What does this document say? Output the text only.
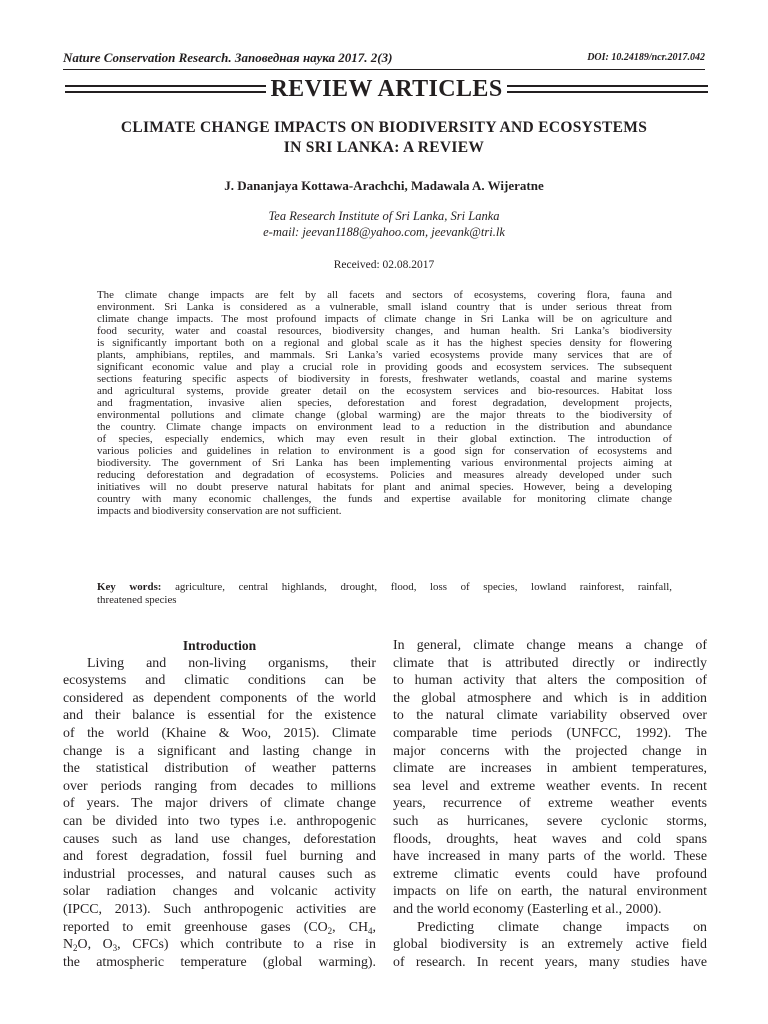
Nature Conservation Research. Заповедная наука 2017. 2(3)	DOI: 10.24189/ncr.2017.042
REVIEW ARTICLES
CLIMATE CHANGE IMPACTS ON BIODIVERSITY AND ECOSYSTEMS
IN SRI LANKA: A REVIEW
J. Dananjaya Kottawa-Arachchi, Madawala A. Wijeratne
Tea Research Institute of Sri Lanka, Sri Lanka
e-mail: jeevan1188@yahoo.com, jeevank@tri.lk
Received: 02.08.2017
The climate change impacts are felt by all facets and sectors of ecosystems, covering flora, fauna and
environment. Sri Lanka is considered as a vulnerable, small island country that is under serious threat from
climate change impacts. The most profound impacts of climate change in Sri Lanka will be on agriculture and
food security, water and coastal resources, biodiversity changes, and human health. Sri Lanka’s biodiversity
is significantly important both on a regional and global scale as it has the highest species density for flowering
plants, amphibians, reptiles, and mammals. Sri Lanka’s varied ecosystems provide many services that are of
significant economic value and play a crucial role in providing goods and ecosystem services. The subsequent
sections featuring specific aspects of biodiversity in forests, freshwater wetlands, coastal and marine systems
and agricultural systems, provide greater detail on the ecosystem services and bio-resources. Habitat loss
and fragmentation, invasive alien species, deforestation and forest degradation, development projects,
environmental pollutions and climate change (global warming) are the major threats to the biodiversity of
the country. Climate change impacts on environment lead to a reduction in the distribution and abundance
of species, especially endemics, which may even result in their global extinction. The introduction of
various policies and guidelines in relation to environment is a good sign for conservation of ecosystems and
biodiversity. The government of Sri Lanka has been implementing various environmental projects aiming at
reducing deforestation and degradation of ecosystems. Policies and measures already developed under such
initiatives will no doubt preserve natural habitats for plant and animal species. However, being a developing
country with many economic challenges, the funds and expertise available for monitoring climate change
impacts and biodiversity conservation are not sufficient.
Key words: agriculture, central highlands, drought, flood, loss of species, lowland rainforest, rainfall,
threatened species
Introduction
Living and non-living organisms, their
ecosystems and climatic conditions can be
considered as dependent components of the world
and their balance is essential for the existence
of the world (Khaine & Woo, 2015). Climate
change is a significant and lasting change in
the statistical distribution of weather patterns
over periods ranging from decades to millions
of years. The major drivers of climate change
can be divided into two types i.e. anthropogenic
causes such as land use changes, deforestation
and forest degradation, fossil fuel burning and
industrial processes, and natural causes such as
solar radiation changes and volcanic activity
(IPCC, 2013). Such anthropogenic activities are
reported to emit greenhouse gases ($CO_2$, $CH_4$,
$N_2O$, $O_3$, CFCs) which contribute to a rise in
the atmospheric temperature (global warming).
In general, climate change means a change of
climate that is attributed directly or indirectly
to human activity that alters the composition of
the global atmosphere and which is in addition
to the natural climate variability observed over
comparable time periods (UNFCC, 1992). The
major concerns with the projected change in
climate are increases in ambient temperatures,
sea level and extreme weather events. In recent
years, recurrence of extreme weather events
such as hurricanes, severe cyclonic storms,
floods, droughts, heat waves and cold spans
have increased in many parts of the world. These
extreme climatic events could have profound
impacts on life on earth, the natural environment
and the world economy (Easterling et al., 2000).
Predicting climate change impacts on
global biodiversity is an extremely active field
of research. In recent years, many studies have
